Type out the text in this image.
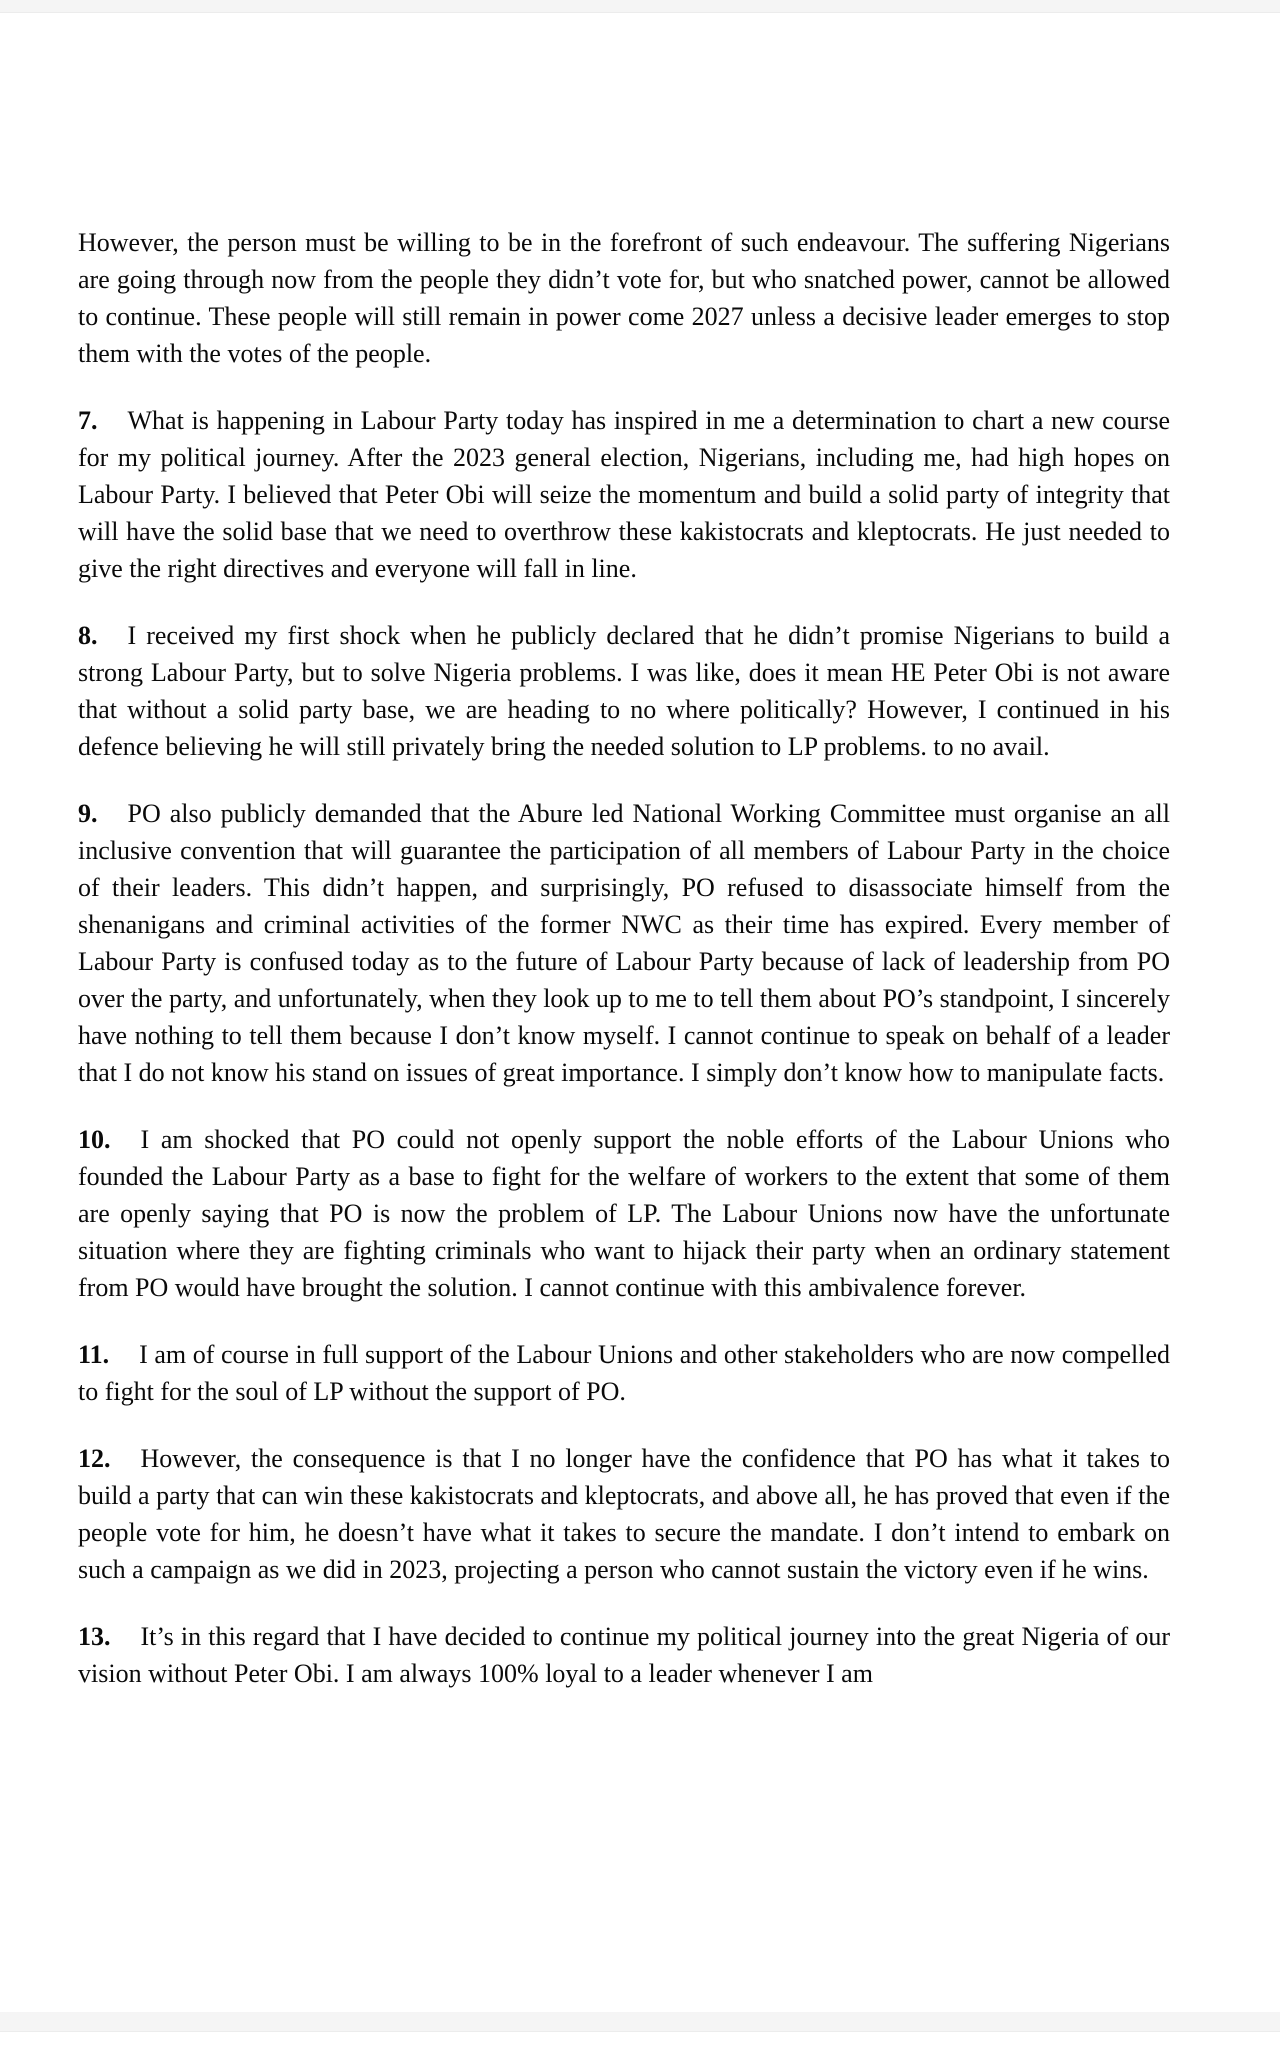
However, the person must be willing to be in the forefront of such endeavour. The suffering Nigerians are going through now from the people they didn’t vote for, but who snatched power, cannot be allowed to continue. These people will still remain in power come 2027 unless a decisive leader emerges to stop them with the votes of the people.

7. What is happening in Labour Party today has inspired in me a determination to chart a new course for my political journey. After the 2023 general election, Nigerians, including me, had high hopes on Labour Party. I believed that Peter Obi will seize the momentum and build a solid party of integrity that will have the solid base that we need to overthrow these kakistocrats and kleptocrats. He just needed to give the right directives and everyone will fall in line.

8. I received my first shock when he publicly declared that he didn’t promise Nigerians to build a strong Labour Party, but to solve Nigeria problems. I was like, does it mean HE Peter Obi is not aware that without a solid party base, we are heading to no where politically? However, I continued in his defence believing he will still privately bring the needed solution to LP problems. to no avail.

9. PO also publicly demanded that the Abure led National Working Committee must organise an all inclusive convention that will guarantee the participation of all members of Labour Party in the choice of their leaders. This didn’t happen, and surprisingly, PO refused to disassociate himself from the shenanigans and criminal activities of the former NWC as their time has expired. Every member of Labour Party is confused today as to the future of Labour Party because of lack of leadership from PO over the party, and unfortunately, when they look up to me to tell them about PO’s standpoint, I sincerely have nothing to tell them because I don’t know myself. I cannot continue to speak on behalf of a leader that I do not know his stand on issues of great importance. I simply don’t know how to manipulate facts.

10. I am shocked that PO could not openly support the noble efforts of the Labour Unions who founded the Labour Party as a base to fight for the welfare of workers to the extent that some of them are openly saying that PO is now the problem of LP. The Labour Unions now have the unfortunate situation where they are fighting criminals who want to hijack their party when an ordinary statement from PO would have brought the solution. I cannot continue with this ambivalence forever.

11. I am of course in full support of the Labour Unions and other stakeholders who are now compelled to fight for the soul of LP without the support of PO.

12. However, the consequence is that I no longer have the confidence that PO has what it takes to build a party that can win these kakistocrats and kleptocrats, and above all, he has proved that even if the people vote for him, he doesn’t have what it takes to secure the mandate. I don’t intend to embark on such a campaign as we did in 2023, projecting a person who cannot sustain the victory even if he wins.

13. It’s in this regard that I have decided to continue my political journey into the great Nigeria of our vision without Peter Obi. I am always 100% loyal to a leader whenever I am
